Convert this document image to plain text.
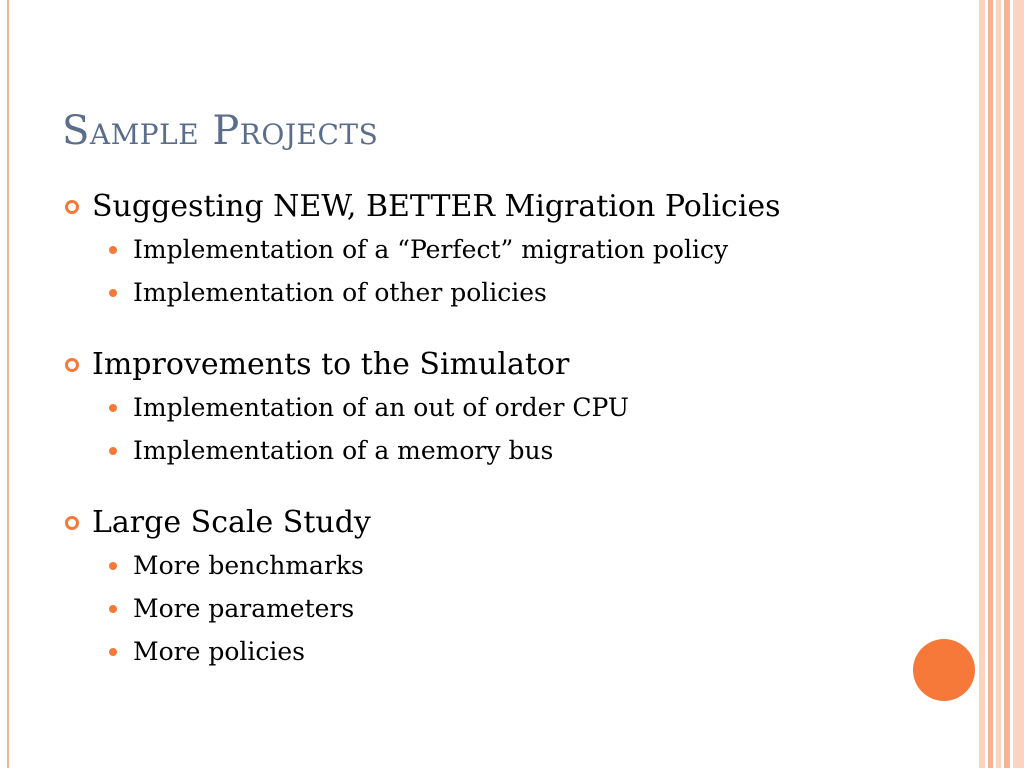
Sample Projects
Suggesting NEW, BETTER Migration Policies
Implementation of a “Perfect” migration policy
Implementation of other policies
Improvements to the Simulator
Implementation of an out of order CPU
Implementation of a memory bus
Large Scale Study
More benchmarks
More parameters
More policies
